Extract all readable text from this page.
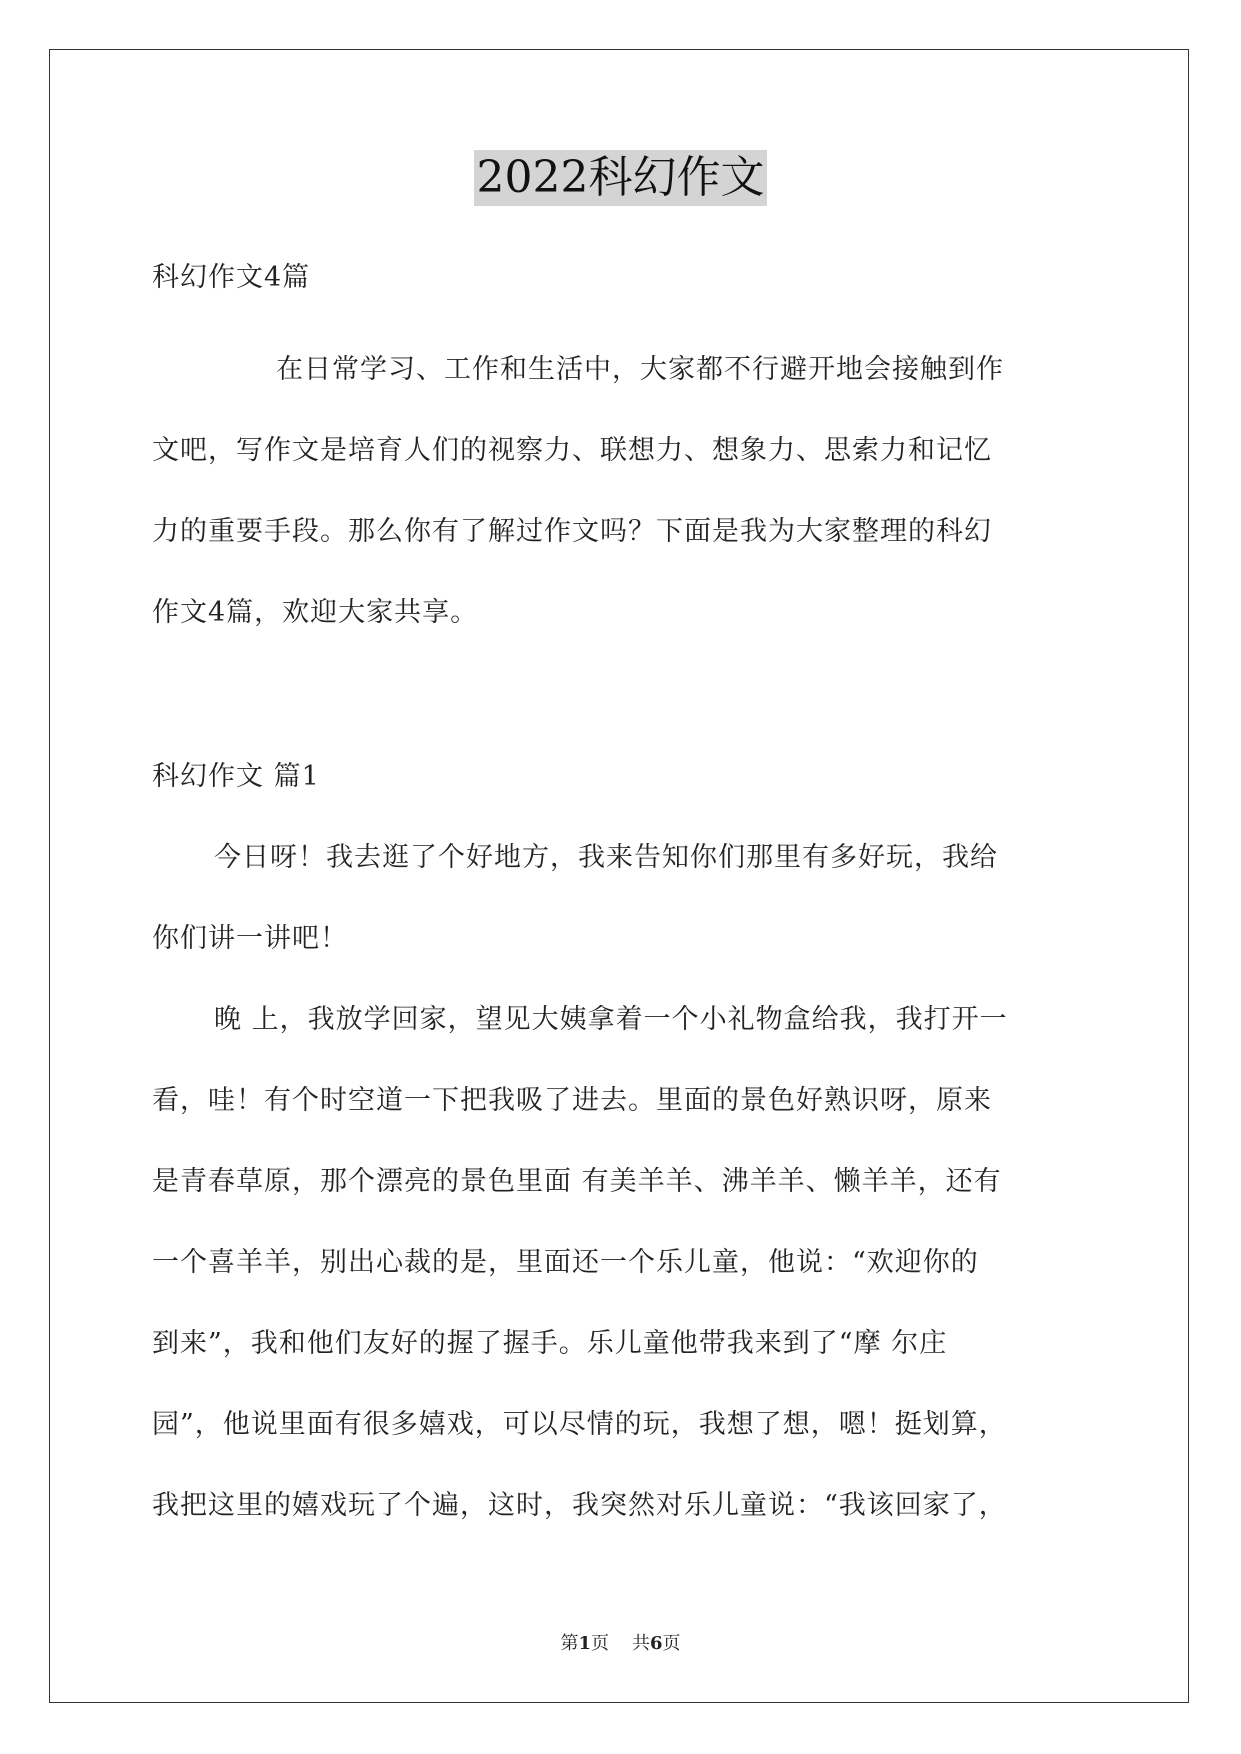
2022科幻作文
科幻作文4篇
在日常学习、工作和生活中，大家都不行避开地会接触到作
文吧，写作文是培育人们的视察力、联想力、想象力、思索力和记忆
力的重要手段。那么你有了解过作文吗？下面是我为大家整理的科幻
作文4篇，欢迎大家共享。
科幻作文 篇1
今日呀！我去逛了个好地方，我来告知你们那里有多好玩，我给
你们讲一讲吧！
晚 上，我放学回家，望见大姨拿着一个小礼物盒给我，我打开一
看，哇！有个时空道一下把我吸了进去。里面的景色好熟识呀，原来
是青春草原，那个漂亮的景色里面 有美羊羊、沸羊羊、懒羊羊，还有
一个喜羊羊，别出心裁的是，里面还一个乐儿童，他说：“欢迎你的
到来”，我和他们友好的握了握手。乐儿童他带我来到了“摩 尔庄
园”，他说里面有很多嬉戏，可以尽情的玩，我想了想，嗯！挺划算，
我把这里的嬉戏玩了个遍，这时，我突然对乐儿童说：“我该回家了，
第1页 共6页
